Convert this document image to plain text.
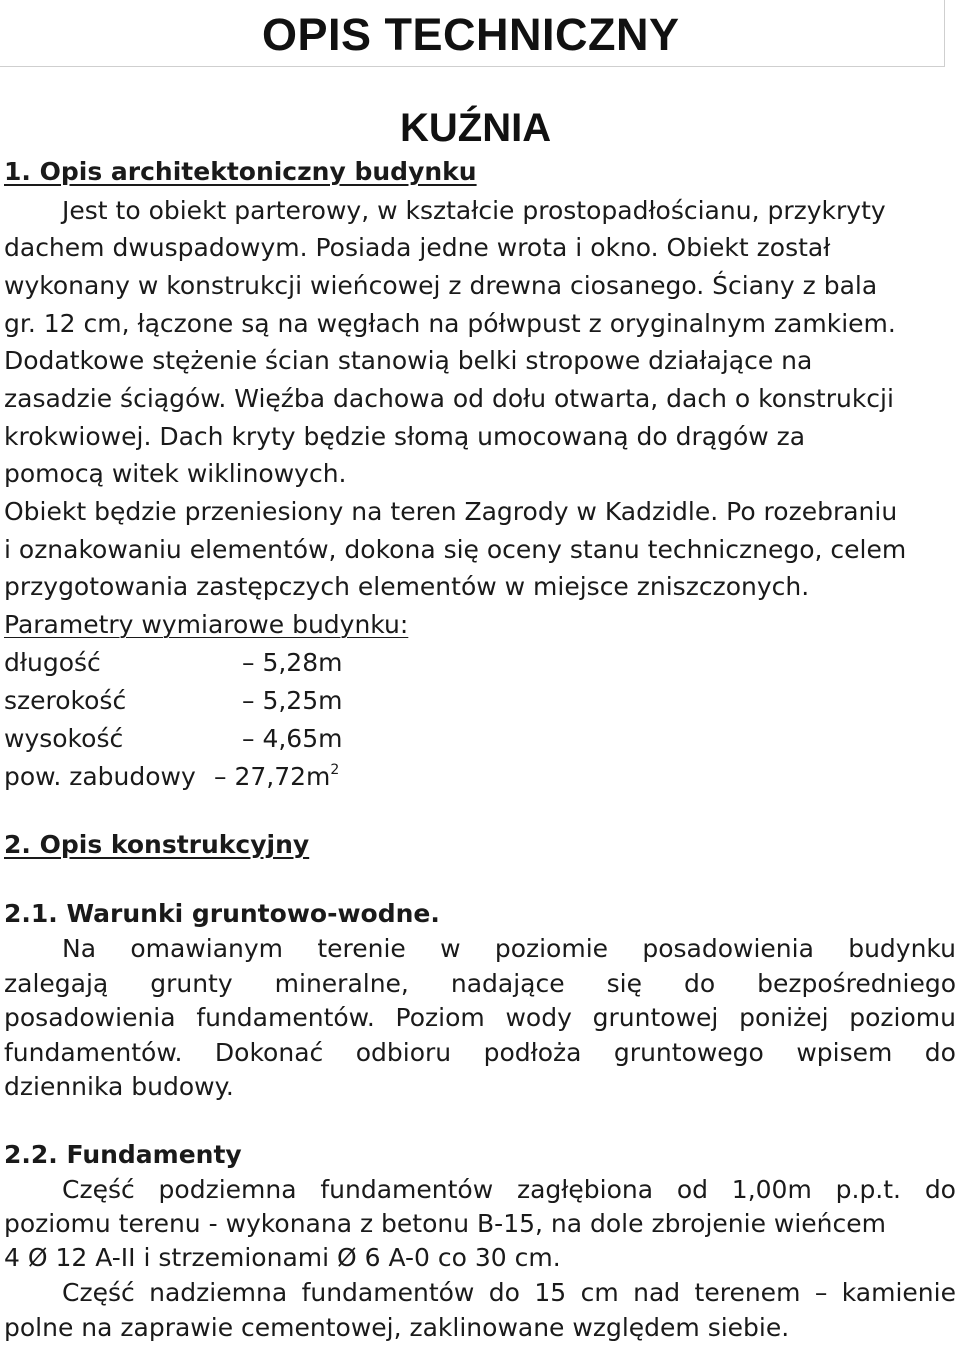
OPIS TECHNICZNY
KUŹNIA

1. Opis architektoniczny budynku

Jest to obiekt parterowy, w kształcie prostopadłościanu, przykryty

dachem dwuspadowym. Posiada jedne wrota i okno. Obiekt został

wykonany w konstrukcji wieńcowej z drewna ciosanego. Ściany z bala

gr. 12 cm, łączone są na węgłach na półwpust z oryginalnym zamkiem.

Dodatkowe stężenie ścian stanowią belki stropowe działające na

zasadzie ściągów. Więźba dachowa od dołu otwarta, dach o konstrukcji

krokwiowej. Dach kryty będzie słomą umocowaną do drągów za

pomocą witek wiklinowych.

Obiekt będzie przeniesiony na teren Zagrody w Kadzidle. Po rozebraniu

i oznakowaniu elementów, dokona się oceny stanu technicznego, celem

przygotowania zastępczych elementów w miejsce zniszczonych.

Parametry wymiarowe budynku:

długość	– 5,28m

szerokość	– 5,25m

wysokość	– 4,65m

pow. zabudowy – $27,72m^2$

2. Opis konstrukcyjny

2.1. Warunki gruntowo-wodne.

Na omawianym terenie w poziomie posadowienia budynku
zalegają grunty mineralne, nadające się do bezpośredniego
posadowienia fundamentów. Poziom wody gruntowej poniżej poziomu
fundamentów. Dokonać odbioru podłoża gruntowego wpisem do

dziennika budowy.

2.2. Fundamenty

Część podziemna fundamentów zagłębiona od 1,00m p.p.t. do

poziomu terenu - wykonana z betonu B-15, na dole zbrojenie wieńcem

4 Ø 12 A-II i strzemionami Ø 6 A-0 co 30 cm.

Część nadziemna fundamentów do 15 cm nad terenem – kamienie

polne na zaprawie cementowej, zaklinowane względem siebie.
